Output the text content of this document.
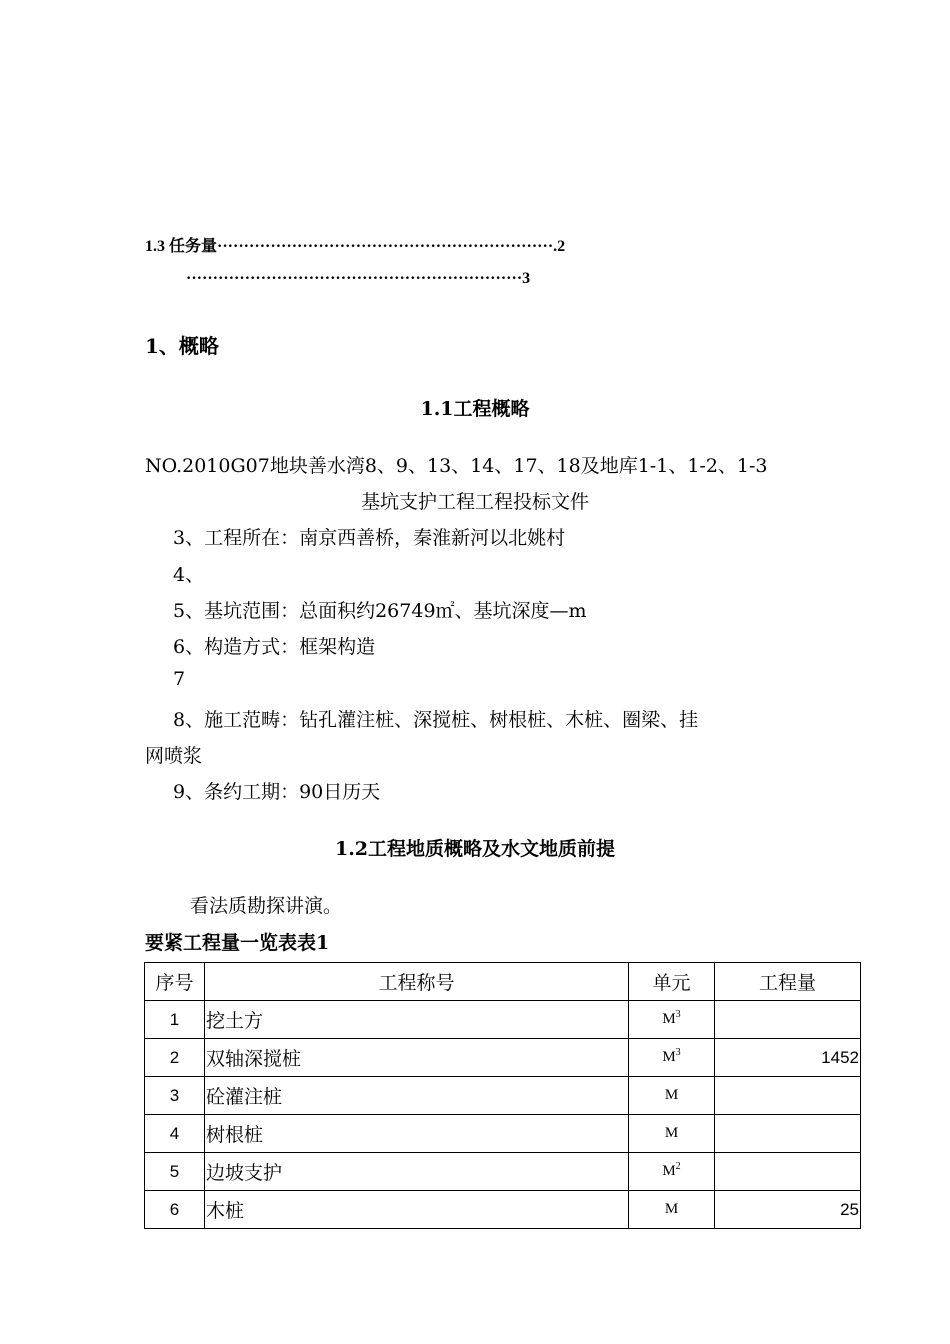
1.3 任务量·······························································.2
·······························································3
1、概略
1.1工程概略
NO.2010G07地块善水湾8、9、13、14、17、18及地库1-1、1-2、1-3
基坑支护工程工程投标文件
3、工程所在：南京西善桥，秦淮新河以北姚村
4、
5、基坑范围：总面积约26749㎡、基坑深度—m
6、构造方式：框架构造
7
8、施工范畴：钻孔灌注桩、深搅桩、树根桩、木桩、圈梁、挂
网喷浆
9、条约工期：90日历天
1.2工程地质概略及水文地质前提
看法质勘探讲演。
要紧工程量一览表表1
序号	工程称号	单元	工程量
1	挖土方	$M^3$	
2	双轴深搅桩	$M^3$	1452
3	砼灌注桩	M	
4	树根桩	M	
5	边坡支护	$M^2$	
6	木桩	M	25
